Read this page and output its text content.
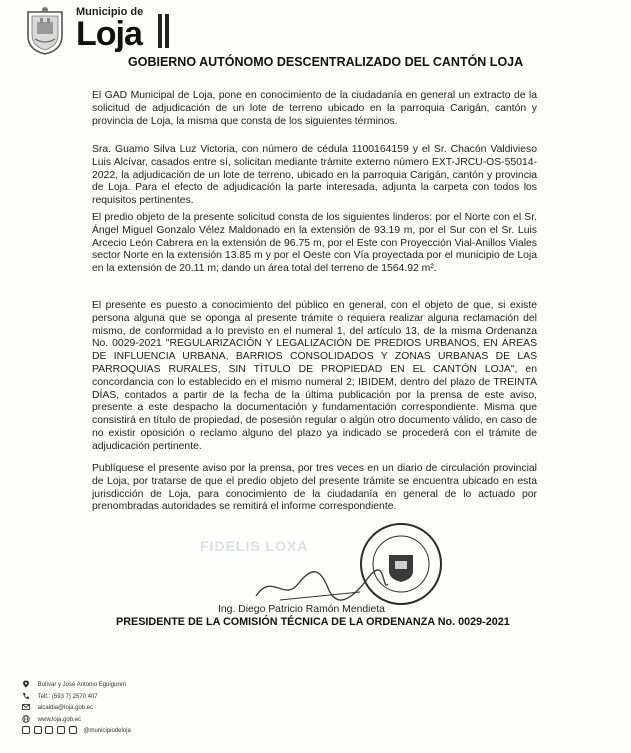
Municipio de
Loja
GOBIERNO AUTÓNOMO DESCENTRALIZADO DEL CANTÓN LOJA
El GAD Municipal de Loja, pone en conocimiento de la ciudadanía en general un extracto de la solicitud de adjudicación de un lote de terreno ubicado en la parroquia Carigán, cantón y provincia de Loja, la misma que consta de los siguientes términos.
Sra. Guamo Silva Luz Victoria, con número de cédula 1100164159 y el Sr. Chacón Valdivieso Luis Alcívar, casados entre sí, solicitan mediante trámite externo número EXT-JRCU-OS-55014-2022, la adjudicación de un lote de terreno, ubicado en la parroquia Carigán, cantón y provincia de Loja. Para el efecto de adjudicación la parte interesada, adjunta la carpeta con todos los requisitos pertinentes.
El predio objeto de la presente solicitud consta de los siguientes linderos: por el Norte con el Sr. Ángel Miguel Gonzalo Vélez Maldonado en la extensión de 93.19 m, por el Sur con el Sr. Luis Arcecio León Cabrera en la extensión de 96.75 m, por el Este con Proyección Vial-Anillos Viales sector Norte en la extensión 13.85 m y por el Oeste con Vía proyectada por el municipio de Loja en la extensión de 20.11 m; dando un área total del terreno de 1564.92 m².
El presente es puesto a conocimiento del público en general, con el objeto de que, si existe persona alguna que se oponga al presente trámite o requiera realizar alguna reclamación del mismo, de conformidad a lo previsto en el numeral 1, del artículo 13, de la misma Ordenanza No. 0029-2021 "REGULARIZACIÓN Y LEGALIZACIÓN DE PREDIOS URBANOS, EN ÁREAS DE INFLUENCIA URBANA, BARRIOS CONSOLIDADOS Y ZONAS URBANAS DE LAS PARROQUIAS RURALES, SIN TÍTULO DE PROPIEDAD EN EL CANTÓN LOJA", en concordancia con lo establecido en el mismo numeral 2; IBIDEM, dentro del plazo de TREINTA DÍAS, contados a partir de la fecha de la última publicación por la prensa de este aviso, presente a este despacho la documentación y fundamentación correspondiente. Misma que consistirá en título de propiedad, de posesión regular o algún otro documento válido, en caso de no existir oposición o reclamo alguno del plazo ya indicado se procederá con el trámite de adjudicación pertinente.
Publíquese el presente aviso por la prensa, por tres veces en un diario de circulación provincial de Loja, por tratarse de que el predio objeto del presente trámite se encuentra ubicado en esta jurisdicción de Loja, para conocimiento de la ciudadanía en general de lo actuado por prenombradas autoridades se remitirá el informe correspondiente.
FIDELIS LOXA
Ing. Diego Patricio Ramón Mendieta
PRESIDENTE DE LA COMISIÓN TÉCNICA DE LA ORDENANZA No. 0029-2021
Bolívar y José Antonio Eguiguren
Telf.: (593 7) 2570 407
alcaldia@loja.gob.ec
www.loja.gob.ec
@municipiodeloja
